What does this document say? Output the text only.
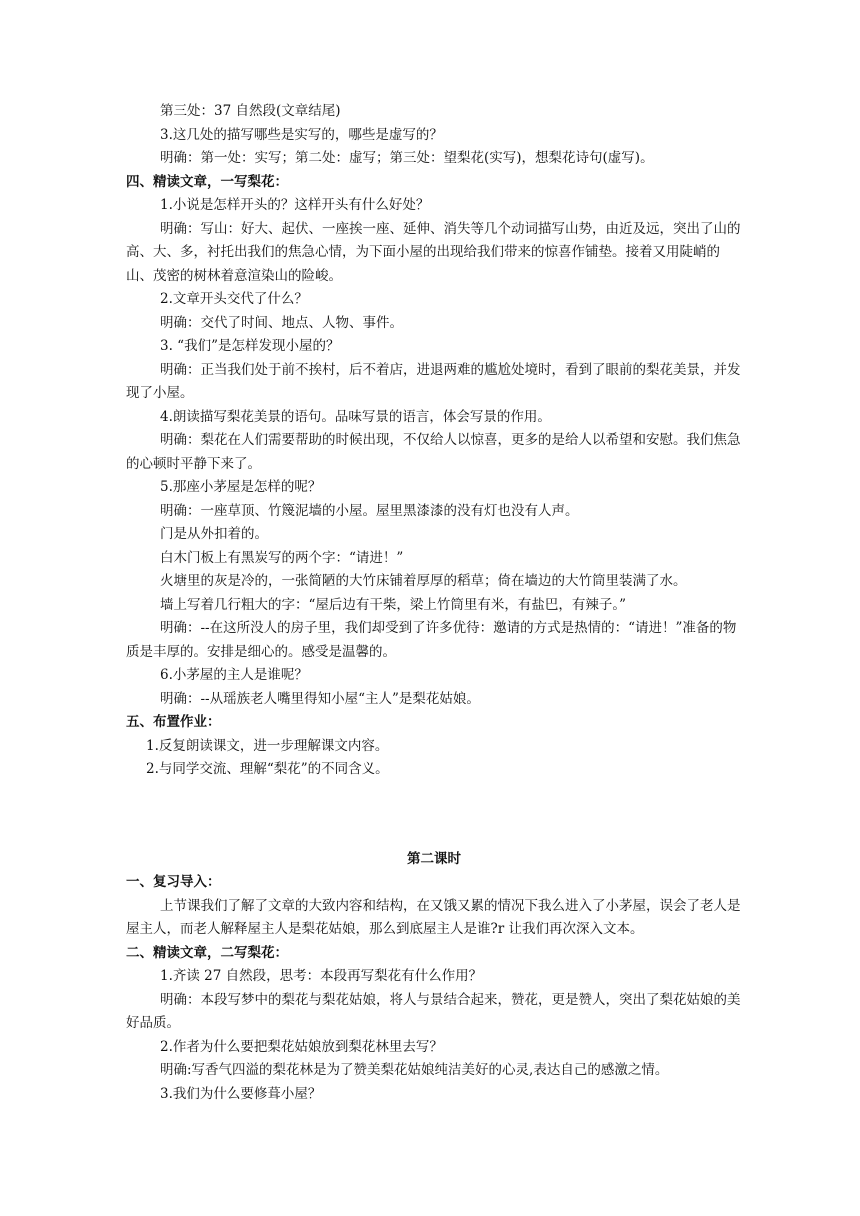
第三处：37 自然段(文章结尾)

3.这几处的描写哪些是实写的，哪些是虚写的？

明确：第一处：实写；第二处：虚写；第三处：望梨花(实写)，想梨花诗句(虚写)。

四、精读文章，一写梨花：

1.小说是怎样开头的？这样开头有什么好处？

明确：写山：好大、起伏、一座挨一座、延伸、消失等几个动词描写山势，由近及远，突出了山的高、大、多，衬托出我们的焦急心情，为下面小屋的出现给我们带来的惊喜作铺垫。接着又用陡峭的山、茂密的树林着意渲染山的险峻。

2.文章开头交代了什么？

明确：交代了时间、地点、人物、事件。

3. “我们”是怎样发现小屋的？

明确：正当我们处于前不挨村，后不着店，进退两难的尴尬处境时，看到了眼前的梨花美景，并发现了小屋。

4.朗读描写梨花美景的语句。品味写景的语言，体会写景的作用。

明确：梨花在人们需要帮助的时候出现，不仅给人以惊喜，更多的是给人以希望和安慰。我们焦急的心顿时平静下来了。

5.那座小茅屋是怎样的呢？

明确：一座草顶、竹篾泥墙的小屋。屋里黑漆漆的没有灯也没有人声。

门是从外扣着的。

白木门板上有黑炭写的两个字：“请进！”

火塘里的灰是冷的，一张简陋的大竹床铺着厚厚的稻草；倚在墙边的大竹筒里装满了水。

墙上写着几行粗大的字：“屋后边有干柴，梁上竹筒里有米，有盐巴，有辣子。”

明确：--在这所没人的房子里，我们却受到了许多优待：邀请的方式是热情的：“请进！”准备的物质是丰厚的。安排是细心的。感受是温馨的。

6.小茅屋的主人是谁呢？

明确：--从瑶族老人嘴里得知小屋“主人”是梨花姑娘。

五、布置作业：

1.反复朗读课文，进一步理解课文内容。

2.与同学交流、理解“梨花”的不同含义。

第二课时

一、复习导入：

上节课我们了解了文章的大致内容和结构，在又饿又累的情况下我么进入了小茅屋，误会了老人是屋主人，而老人解释屋主人是梨花姑娘，那么到底屋主人是谁?r 让我们再次深入文本。

二、精读文章，二写梨花：

1.齐读 27 自然段，思考：本段再写梨花有什么作用？

明确：本段写梦中的梨花与梨花姑娘，将人与景结合起来，赞花，更是赞人，突出了梨花姑娘的美好品质。

2.作者为什么要把梨花姑娘放到梨花林里去写？

明确:写香气四溢的梨花林是为了赞美梨花姑娘纯洁美好的心灵,表达自己的感激之情。

3.我们为什么要修葺小屋？
